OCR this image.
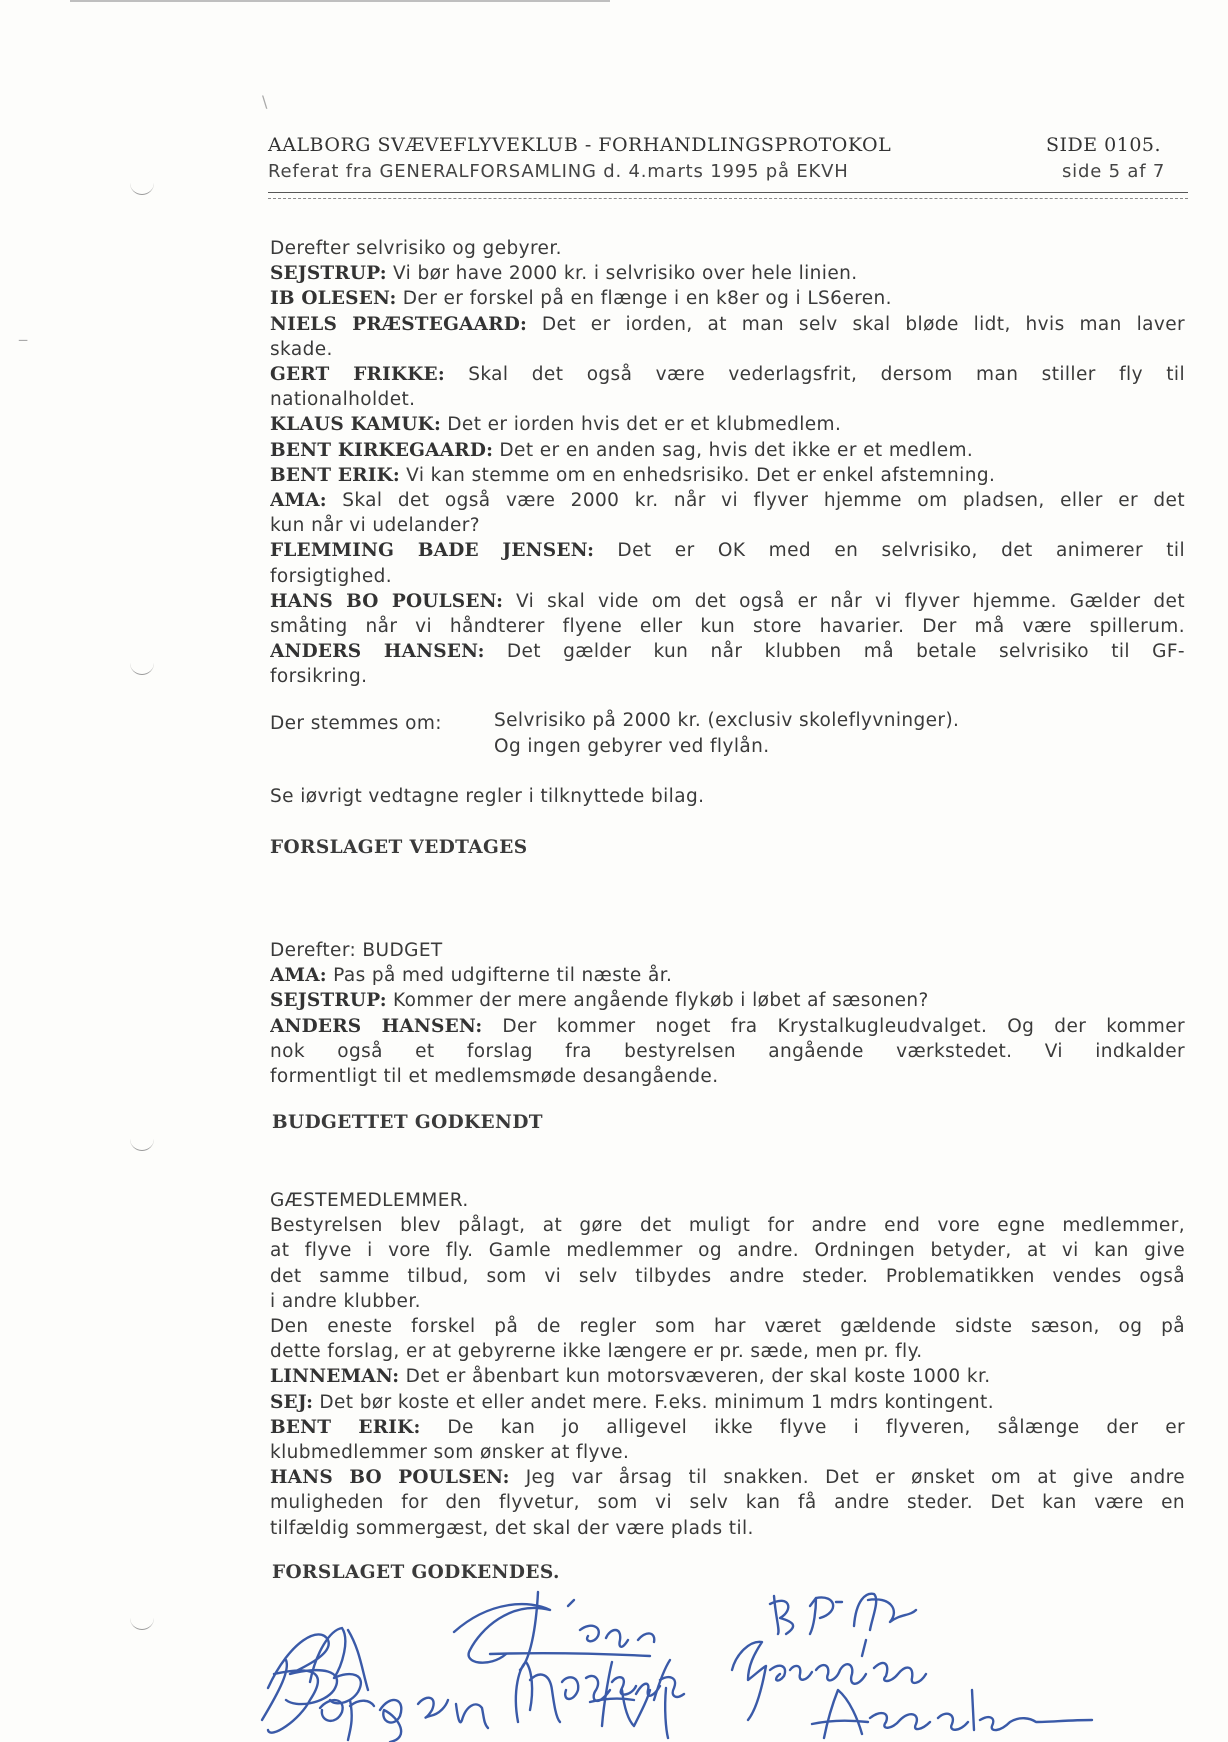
\
‒
AALBORG SVÆVEFLYVEKLUB - FORHANDLINGSPROTOKOL
Referat fra GENERALFORSAMLING d. 4.marts 1995 på EKVH
SIDE 0105.
side 5 af 7
Derefter selvrisiko og gebyrer.
SEJSTRUP: Vi bør have 2000 kr. i selvrisiko over hele linien.
IB OLESEN: Der er forskel på en flænge i en k8er og i LS6eren.
NIELS PRÆSTEGAARD: Det er iorden, at man selv skal bløde lidt, hvis man laver
skade.
GERT FRIKKE: Skal det også være vederlagsfrit, dersom man stiller fly til
nationalholdet.
KLAUS KAMUK: Det er iorden hvis det er et klubmedlem.
BENT KIRKEGAARD: Det er en anden sag, hvis det ikke er et medlem.
BENT ERIK: Vi kan stemme om en enhedsrisiko. Det er enkel afstemning.
AMA: Skal det også være 2000 kr. når vi flyver hjemme om pladsen, eller er det
kun når vi udelander?
FLEMMING BADE JENSEN: Det er OK med en selvrisiko, det animerer til
forsigtighed.
HANS BO POULSEN: Vi skal vide om det også er når vi flyver hjemme. Gælder det
småting når vi håndterer flyene eller kun store havarier. Der må være spillerum.
ANDERS HANSEN: Det gælder kun når klubben må betale selvrisiko til GF-
forsikring.
Der stemmes om:	Selvrisiko på 2000 kr. (exclusiv skoleflyvninger).
Og ingen gebyrer ved flylån.
Se iøvrigt vedtagne regler i tilknyttede bilag.
FORSLAGET VEDTAGES
Derefter: BUDGET
AMA: Pas på med udgifterne til næste år.
SEJSTRUP: Kommer der mere angående flykøb i løbet af sæsonen?
ANDERS HANSEN: Der kommer noget fra Krystalkugleudvalget. Og der kommer
nok også et forslag fra bestyrelsen angående værkstedet. Vi indkalder
formentligt til et medlemsmøde desangående.
BUDGETTET GODKENDT
GÆSTEMEDLEMMER.
Bestyrelsen blev pålagt, at gøre det muligt for andre end vore egne medlemmer,
at flyve i vore fly. Gamle medlemmer og andre. Ordningen betyder, at vi kan give
det samme tilbud, som vi selv tilbydes andre steder. Problematikken vendes også
i andre klubber.
Den eneste forskel på de regler som har været gældende sidste sæson, og på
dette forslag, er at gebyrerne ikke længere er pr. sæde, men pr. fly.
LINNEMAN: Det er åbenbart kun motorsvæveren, der skal koste 1000 kr.
SEJ: Det bør koste et eller andet mere. F.eks. minimum 1 mdrs kontingent.
BENT ERIK: De kan jo alligevel ikke flyve i flyveren, sålænge der er
klubmedlemmer som ønsker at flyve.
HANS BO POULSEN: Jeg var årsag til snakken. Det er ønsket om at give andre
muligheden for den flyvetur, som vi selv kan få andre steder. Det kan være en
tilfældig sommergæst, det skal der være plads til.
FORSLAGET GODKENDES.
